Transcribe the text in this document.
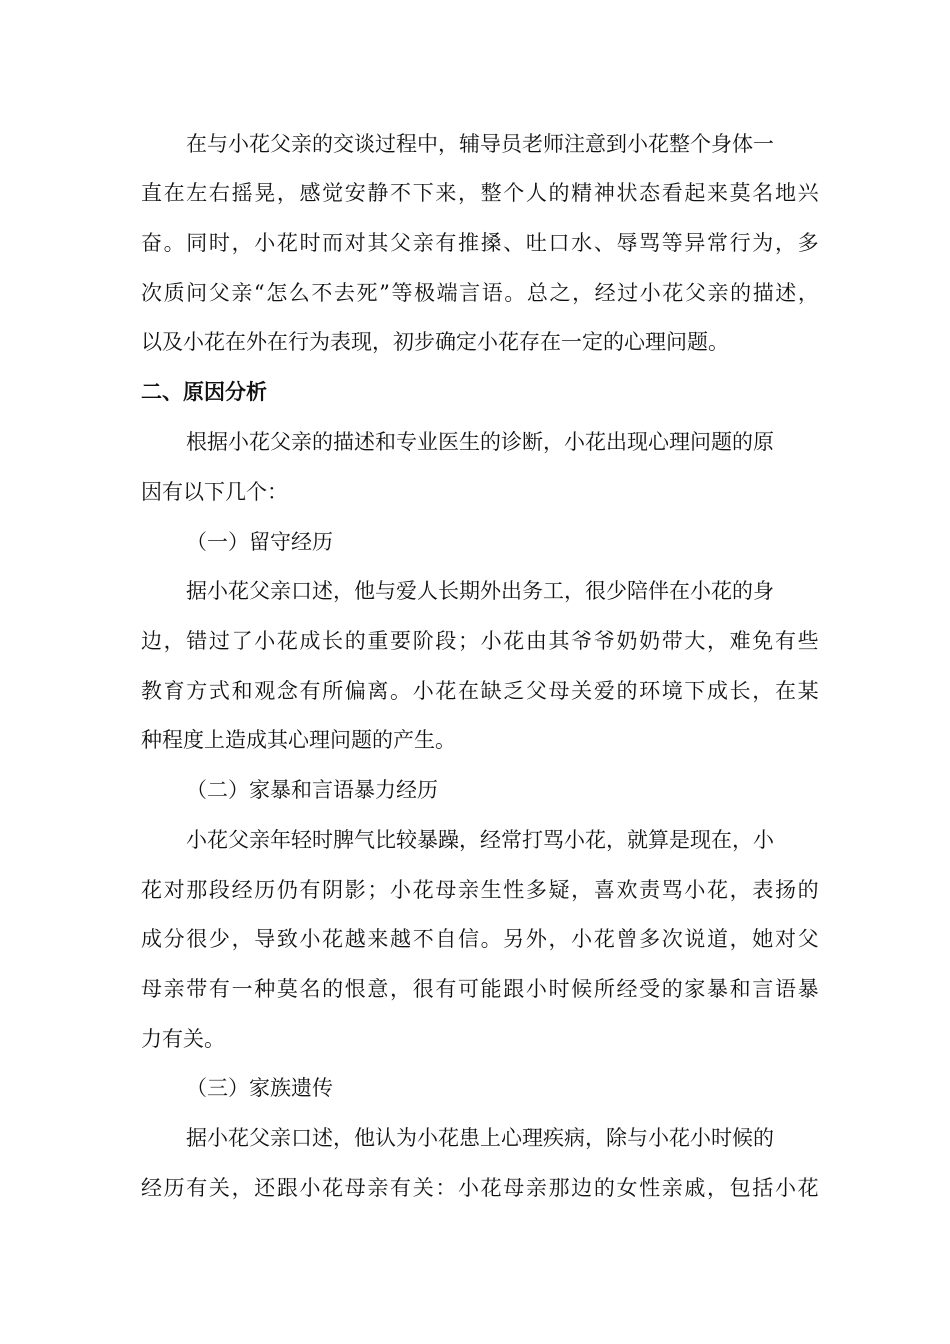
在与小花父亲的交谈过程中，辅导员老师注意到小花整个身体一
直 在 左 右 摇 晃 ， 感 觉 安 静 不 下 来 ， 整 个 人 的 精 神 状 态 看 起 来 莫 名 地 兴
奋 。 同 时 ， 小 花 时 而 对 其 父 亲 有 推 搡 、 吐 口 水 、 辱 骂 等 异 常 行 为 ， 多
次 质 问 父 亲 “ 怎 么 不 去 死 ” 等 极 端 言 语 。 总 之 ， 经 过 小 花 父 亲 的 描 述 ，
以及小花在外在行为表现，初步确定小花存在一定的心理问题。
二、原因分析
根据小花父亲的描述和专业医生的诊断，小花出现心理问题的原
因有以下几个：
（一）留守经历
据小花父亲口述，他与爱人长期外出务工，很少陪伴在小花的身
边 ， 错 过 了 小 花 成 长 的 重 要 阶 段 ； 小 花 由 其 爷 爷 奶 奶 带 大 ， 难 免 有 些
教 育 方 式 和 观 念 有 所 偏 离 。 小 花 在 缺 乏 父 母 关 爱 的 环 境 下 成 长 ， 在 某
种程度上造成其心理问题的产生。
（二）家暴和言语暴力经历
小花父亲年轻时脾气比较暴躁，经常打骂小花，就算是现在，小
花 对 那 段 经 历 仍 有 阴 影 ； 小 花 母 亲 生 性 多 疑 ， 喜 欢 责 骂 小 花 ， 表 扬 的
成 分 很 少 ， 导 致 小 花 越 来 越 不 自 信 。 另 外 ， 小 花 曾 多 次 说 道 ， 她 对 父
母 亲 带 有 一 种 莫 名 的 恨 意 ， 很 有 可 能 跟 小 时 候 所 经 受 的 家 暴 和 言 语 暴
力有关。
（三）家族遗传
据小花父亲口述，他认为小花患上心理疾病，除与小花小时候的
经 历 有 关 ， 还 跟 小 花 母 亲 有 关 ： 小 花 母 亲 那 边 的 女 性 亲 戚 ， 包 括 小 花
